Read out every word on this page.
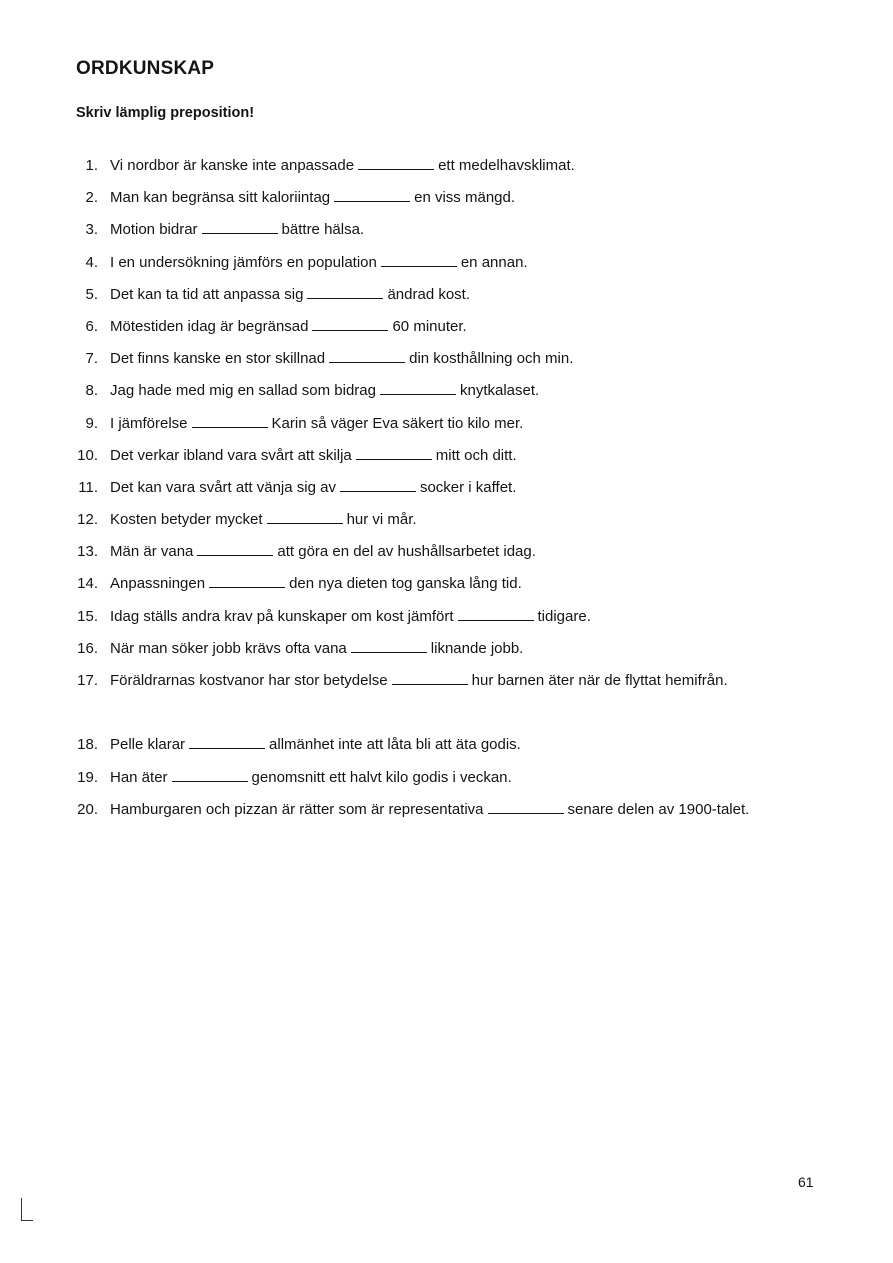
ORDKUNSKAP

Skriv lämplig preposition!

1. Vi nordbor är kanske inte anpassade	ett medelhavsklimat.
2. Man kan begränsa sitt kaloriintag	en viss mängd.
3. Motion bidrar	bättre hälsa.
4. I en undersökning jämförs en population	en annan.
5. Det kan ta tid att anpassa sig	ändrad kost.
6. Mötestiden idag är begränsad	60 minuter.
7. Det finns kanske en stor skillnad	din kosthållning och min.
8. Jag hade med mig en sallad som bidrag	knytkalaset.
9. I jämförelse	Karin så väger Eva säkert tio kilo mer.
10. Det verkar ibland vara svårt att skilja	mitt och ditt.
11. Det kan vara svårt att vänja sig av	socker i kaffet.
12. Kosten betyder mycket	hur vi mår.
13. Män är vana	att göra en del av hushållsarbetet idag.
14. Anpassningen	den nya dieten tog ganska lång tid.
15. Idag ställs andra krav på kunskaper om kost jämfört	tidigare.
16. När man söker jobb krävs ofta vana	liknande jobb.
17. Föräldrarnas kostvanor har stor betydelse	hur barnen äter när de flyttat hemifrån.
18. Pelle klarar	allmänhet inte att låta bli att äta godis.
19. Han äter	genomsnitt ett halvt kilo godis i veckan.
20. Hamburgaren och pizzan är rätter som är representativa	senare delen av 1900-talet.
61
